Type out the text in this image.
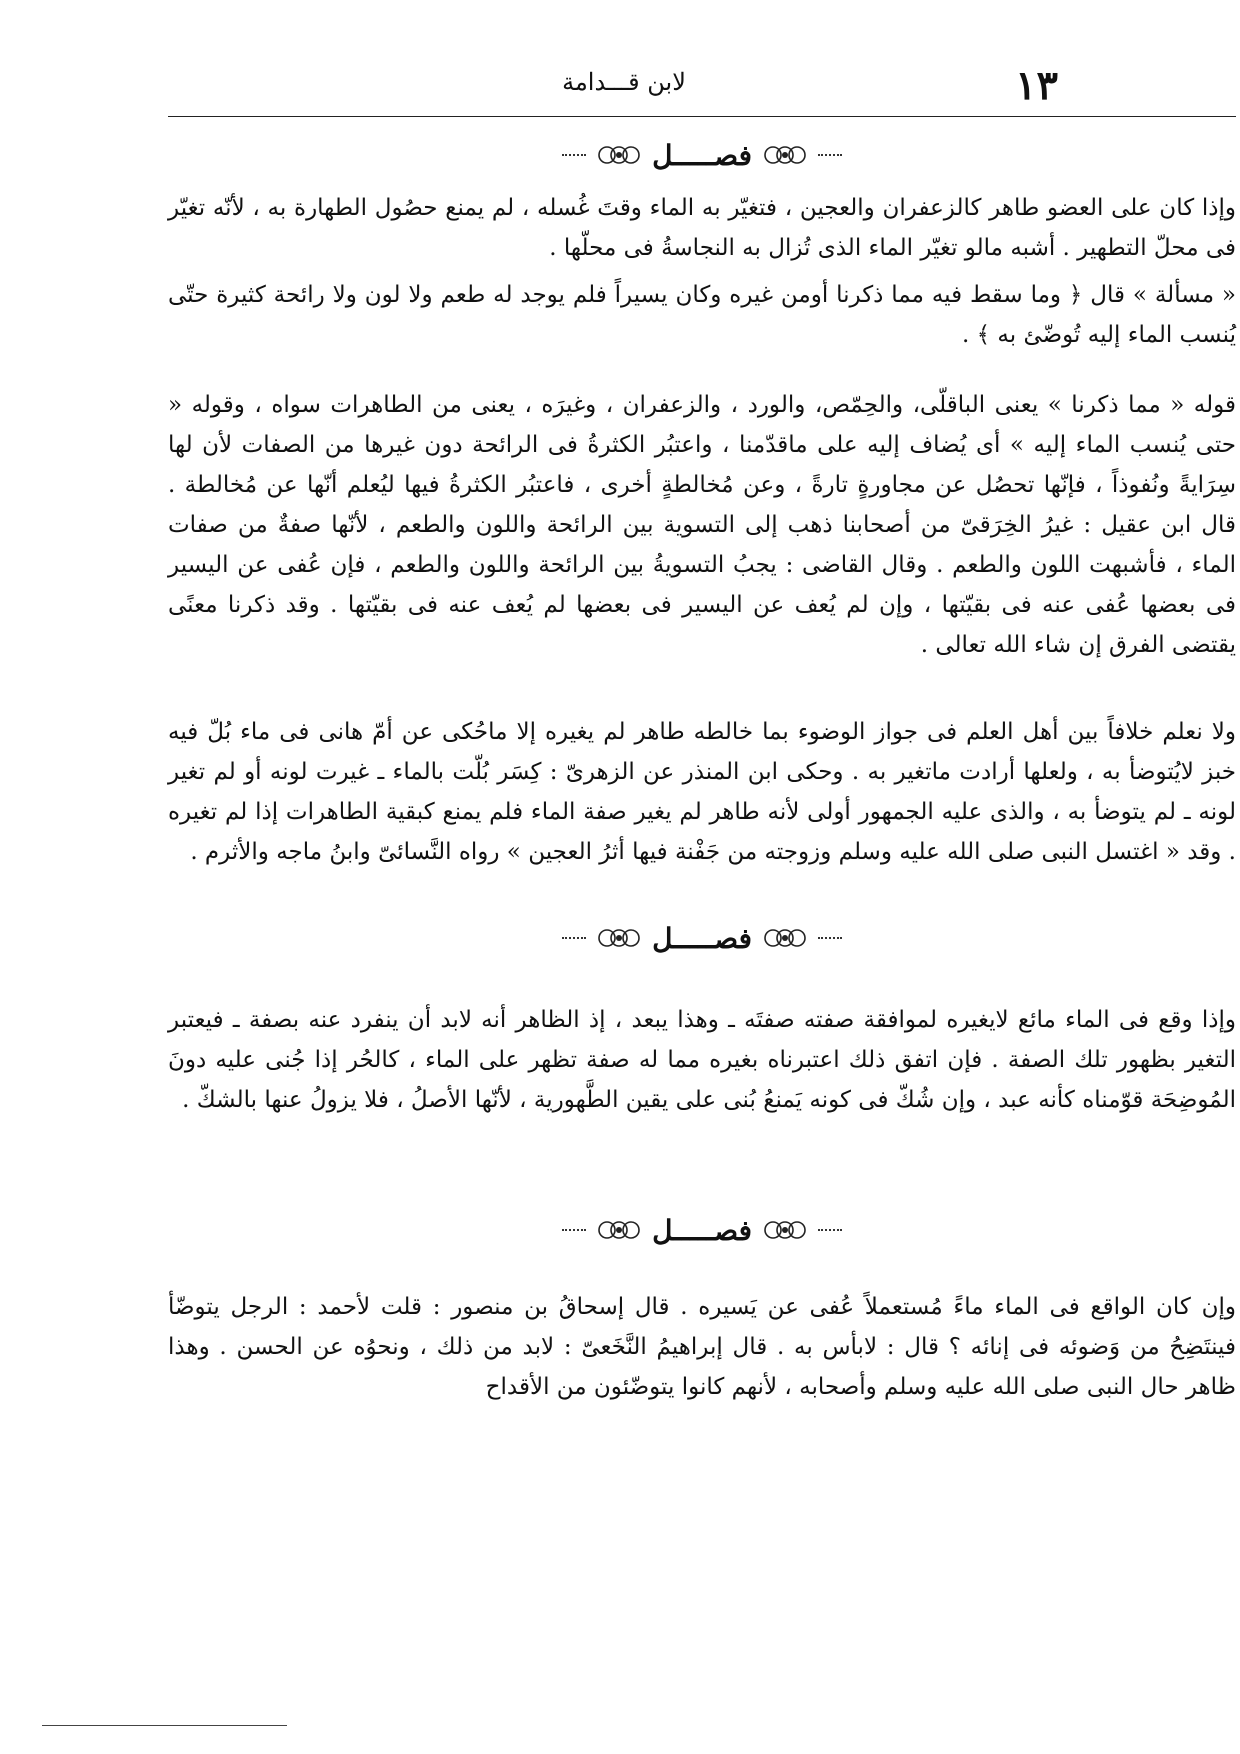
١٣
لابن قـــدامة
فصـــــل

وإذا كان على العضو طاهر كالزعفران والعجين ، فتغيّر به الماء وقتَ غُسله ، لم يمنع حصُول الطهارة به ، لأنّه تغيّر فى محلّ التطهير . أشبه مالو تغيّر الماء الذى تُزال به النجاسةُ فى محلّها .

« مسألة » قال ﴿ وما سقط فيه مما ذكرنا أومن غيره وكان يسيراً فلم يوجد له طعم ولا لون ولا رائحة كثيرة حتّى يُنسب الماء إليه تُوضّئ به ﴾ .

قوله « مما ذكرنا » يعنى الباقلّى، والحِمّص، والورد ، والزعفران ، وغيرَه ، يعنى من الطاهرات سواه ، وقوله « حتى يُنسب الماء إليه » أى يُضاف إليه على ماقدّمنا ، واعتبُر الكثرةُ فى الرائحة دون غيرها من الصفات لأن لها سِرَايةً ونُفوذاً ، فإنّها تحصُل عن مجاورةٍ تارةً ، وعن مُخالطةٍ أخرى ، فاعتبُر الكثرةُ فيها ليُعلم أنّها عن مُخالطة . قال ابن عقيل : غيرُ الخِرَقىّ من أصحابنا ذهب إلى التسوية بين الرائحة واللون والطعم ، لأنّها صفةٌ من صفات الماء ، فأشبهت اللون والطعم . وقال القاضى : يجبُ التسويةُ بين الرائحة واللون والطعم ، فإن عُفى عن اليسير فى بعضها عُفى عنه فى بقيّتها ، وإن لم يُعف عن اليسير فى بعضها لم يُعف عنه فى بقيّتها . وقد ذكرنا معنًى يقتضى الفرق إن شاء الله تعالى .

ولا نعلم خلافاً بين أهل العلم فى جواز الوضوء بما خالطه طاهر لم يغيره إلا ماحُكى عن أمّ هانى فى ماء بُلّ فيه خبز لايُتوضأ به ، ولعلها أرادت ماتغير به . وحكى ابن المنذر عن الزهرىّ : كِسَر بُلّت بالماء ـ غيرت لونه أو لم تغير لونه ـ لم يتوضأ به ، والذى عليه الجمهور أولى لأنه طاهر لم يغير صفة الماء فلم يمنع كبقية الطاهرات إذا لم تغيره . وقد « اغتسل النبى صلى الله عليه وسلم وزوجته من جَفْنة فيها أثرُ العجين » رواه النَّسائىّ وابنُ ماجه والأثرم .

فصـــــل

وإذا وقع فى الماء مائع لايغيره لموافقة صفته صفتَه ـ وهذا يبعد ، إذ الظاهر أنه لابد أن ينفرد عنه بصفة ـ فيعتبر التغير بظهور تلك الصفة . فإن اتفق ذلك اعتبرناه بغيره مما له صفة تظهر على الماء ، كالحُر إذا جُنى عليه دونَ المُوضِحَة قوّمناه كأنه عبد ، وإن شُكّ فى كونه يَمنعُ بُنى على يقين الطَّهورية ، لأنّها الأصلُ ، فلا يزولُ عنها بالشكّ .

فصـــــل

وإن كان الواقع فى الماء ماءً مُستعملاً عُفى عن يَسيره . قال إسحاقُ بن منصور : قلت لأحمد : الرجل يتوضّأ فينتَضِحُ من وَضوئه فى إنائه ؟ قال : لابأس به . قال إبراهيمُ النَّخَعىّ : لابد من ذلك ، ونحوُه عن الحسن . وهذا ظاهر حال النبى صلى الله عليه وسلم وأصحابه ، لأنهم كانوا يتوضّئون من الأقداح
